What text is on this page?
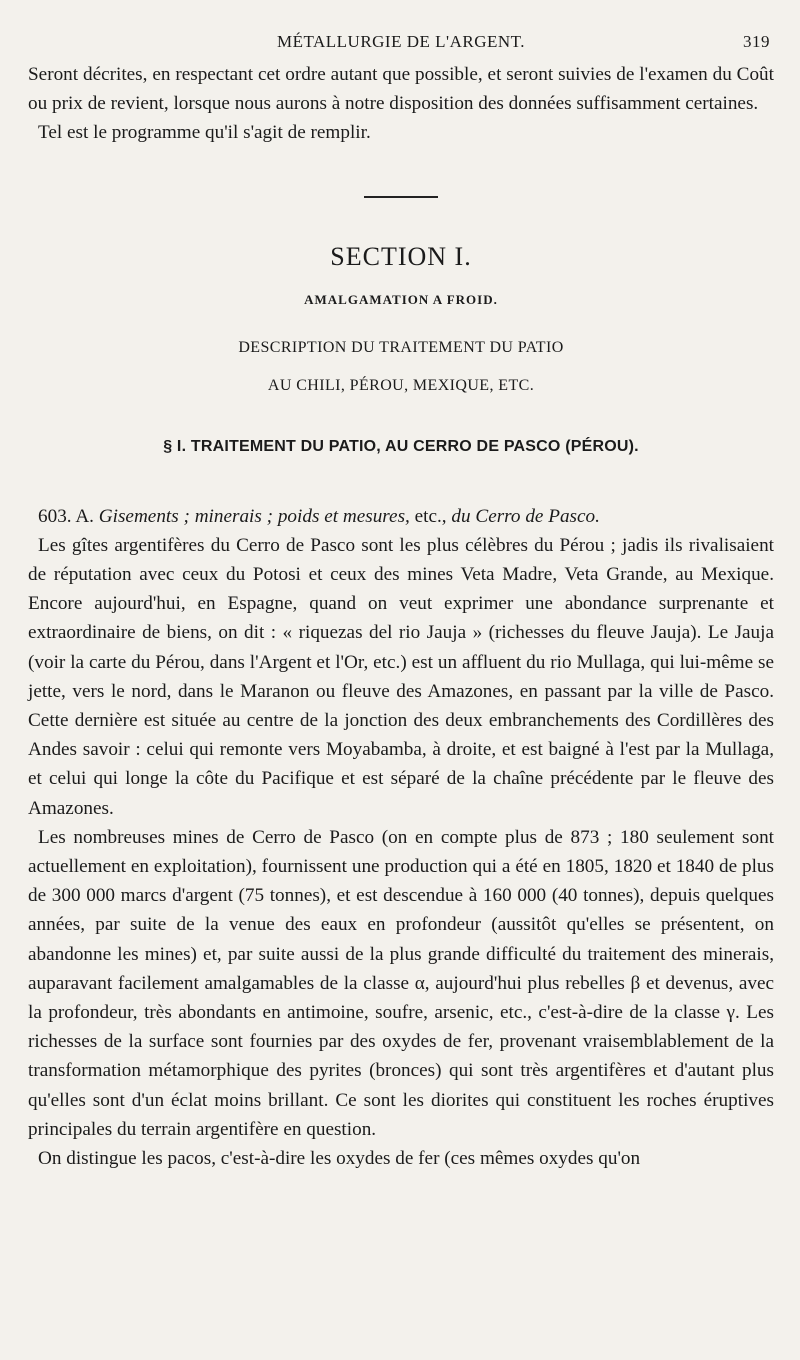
MÉTALLURGIE DE L'ARGENT.	319

Seront décrites, en respectant cet ordre autant que possible, et seront suivies de l'examen du Coût ou prix de revient, lorsque nous aurons à notre disposition des données suffisamment certaines.

Tel est le programme qu'il s'agit de remplir.

SECTION I.
AMALGAMATION A FROID.
DESCRIPTION DU TRAITEMENT DU PATIO
AU CHILI, PÉROU, MEXIQUE, ETC.
§ I. TRAITEMENT DU PATIO, AU CERRO DE PASCO (PÉROU).

603. A. Gisements ; minerais ; poids et mesures, etc., du Cerro de Pasco.

Les gîtes argentifères du Cerro de Pasco sont les plus célèbres du Pérou ; jadis ils rivalisaient de réputation avec ceux du Potosi et ceux des mines Veta Madre, Veta Grande, au Mexique. Encore aujourd'hui, en Espagne, quand on veut exprimer une abondance surprenante et extraordinaire de biens, on dit : « riquezas del rio Jauja » (richesses du fleuve Jauja). Le Jauja (voir la carte du Pérou, dans l'Argent et l'Or, etc.) est un affluent du rio Mullaga, qui lui-même se jette, vers le nord, dans le Maranon ou fleuve des Amazones, en passant par la ville de Pasco. Cette dernière est située au centre de la jonction des deux embranchements des Cordillères des Andes savoir : celui qui remonte vers Moyabamba, à droite, et est baigné à l'est par la Mullaga, et celui qui longe la côte du Pacifique et est séparé de la chaîne précédente par le fleuve des Amazones.

Les nombreuses mines de Cerro de Pasco (on en compte plus de 873 ; 180 seulement sont actuellement en exploitation), fournissent une production qui a été en 1805, 1820 et 1840 de plus de 300 000 marcs d'argent (75 tonnes), et est descendue à 160 000 (40 tonnes), depuis quelques années, par suite de la venue des eaux en profondeur (aussitôt qu'elles se présentent, on abandonne les mines) et, par suite aussi de la plus grande difficulté du traitement des minerais, auparavant facilement amalgamables de la classe α, aujourd'hui plus rebelles β et devenus, avec la profondeur, très abondants en antimoine, soufre, arsenic, etc., c'est-à-dire de la classe γ. Les richesses de la surface sont fournies par des oxydes de fer, provenant vraisemblablement de la transformation métamorphique des pyrites (bronces) qui sont très argentifères et d'autant plus qu'elles sont d'un éclat moins brillant. Ce sont les diorites qui constituent les roches éruptives principales du terrain argentifère en question.

On distingue les pacos, c'est-à-dire les oxydes de fer (ces mêmes oxydes qu'on
